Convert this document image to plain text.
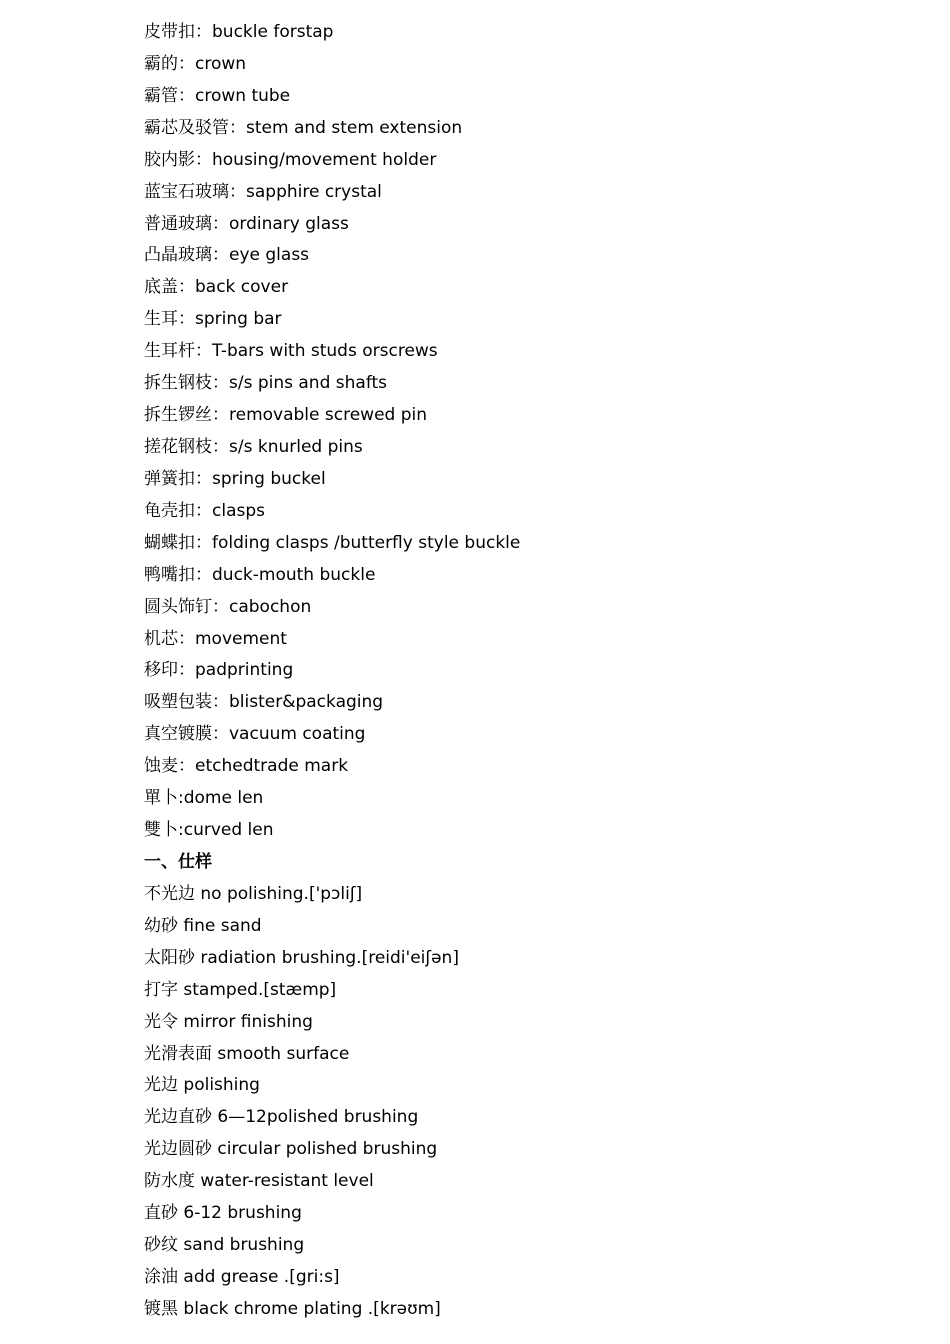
皮带扣：buckle forstap
霸的：crown
霸管：crown tube
霸芯及驳管：stem and stem extension
胶内影：housing/movement holder
蓝宝石玻璃：sapphire crystal
普通玻璃：ordinary glass
凸晶玻璃：eye glass
底盖：back cover
生耳：spring bar
生耳杆：T-bars with studs orscrews
拆生钢枝：s/s pins and shafts
拆生锣丝：removable screwed pin
搓花钢枝：s/s knurled pins
弹簧扣：spring buckel
龟壳扣：clasps
蝴蝶扣：folding clasps /butterfly style buckle
鸭嘴扣：duck-mouth buckle
圆头饰钉：cabochon
机芯：movement
移印：padprinting
吸塑包装：blister&packaging
真空镀膜：vacuum coating
蚀麦：etchedtrade mark
單卜:dome len
雙卜:curved len
一、仕样
不光边 no polishing.['pɔliʃ]
幼砂 fine sand
太阳砂 radiation brushing.[reidi'eiʃən]
打字 stamped.[stæmp]
光令 mirror finishing
光滑表面 smooth surface
光边 polishing
光边直砂 6—12polished brushing
光边圆砂 circular polished brushing
防水度 water-resistant level
直砂 6-12 brushing
砂纹 sand brushing
涂油 add grease .[gri:s]
镀黑 black chrome plating .[krəʊm]
